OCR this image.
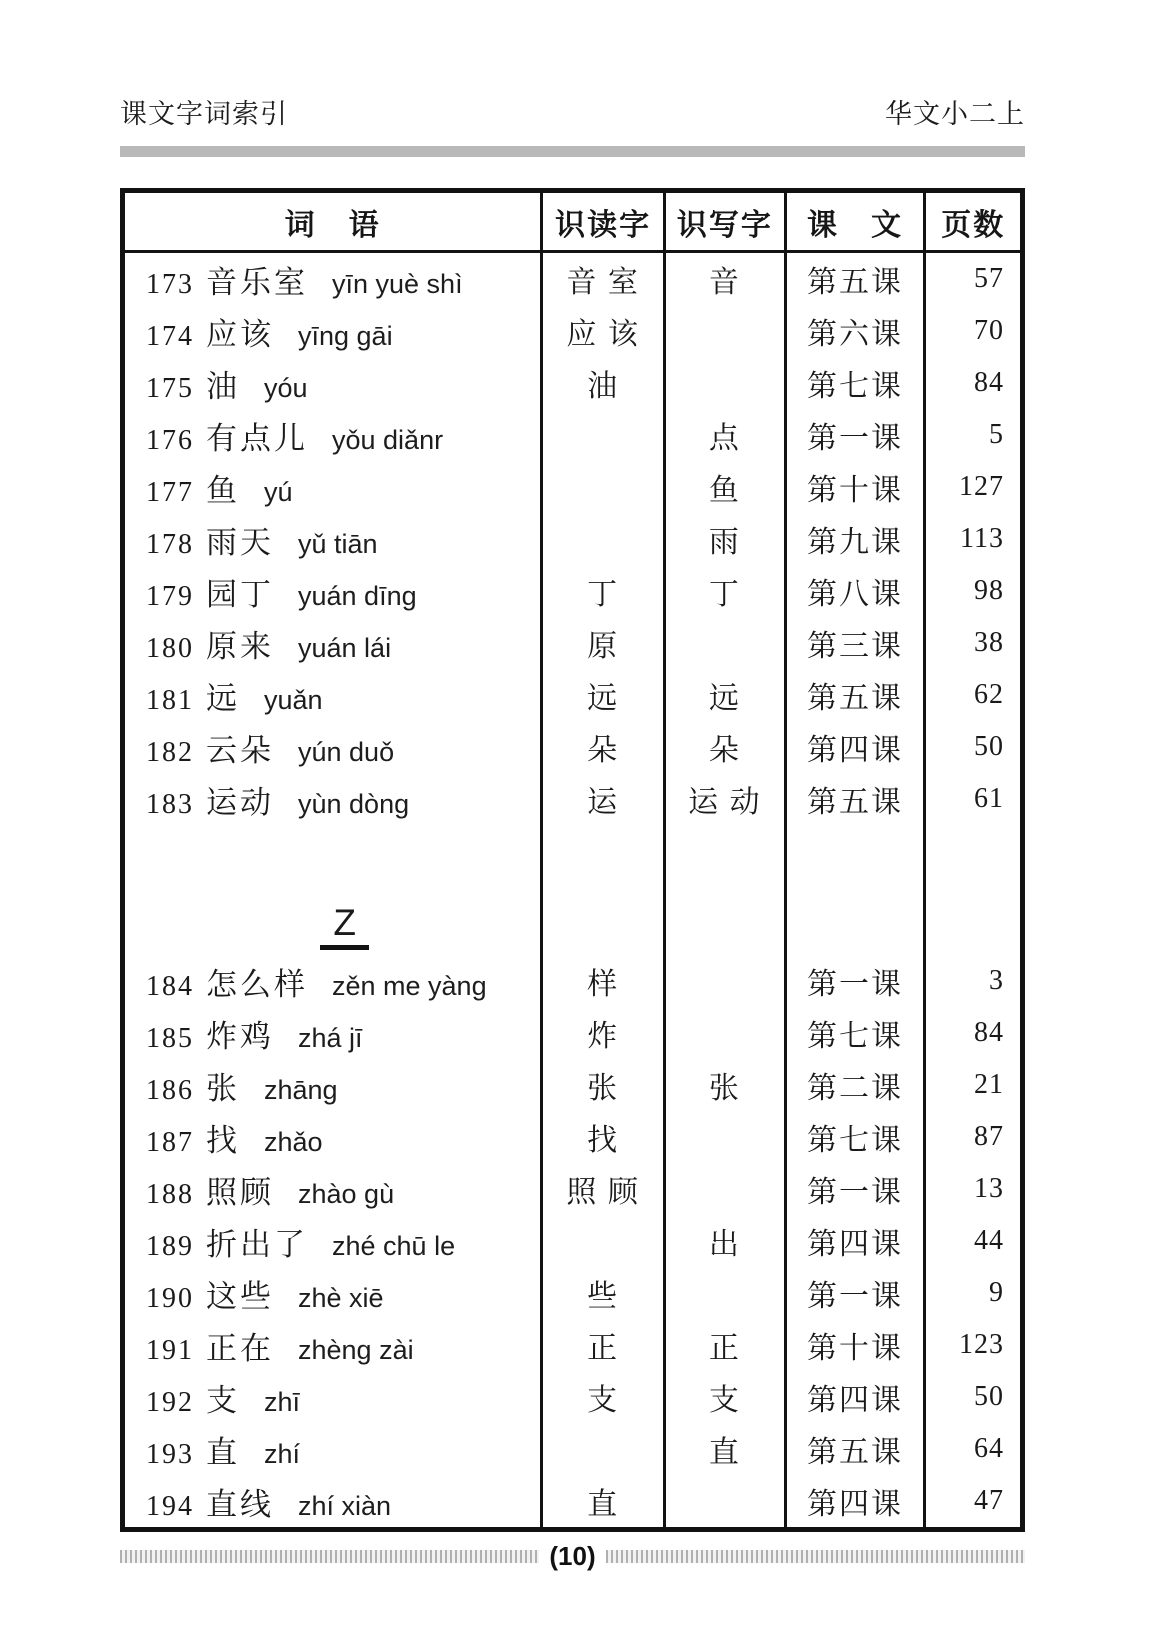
课文字词索引	华文小二上
词　语	识读字	识写字	课　文	页数

173 音乐室 yīn yuè shì	音 室	音	第五课	57

174 应该 yīng gāi	应 该		第六课	70

175 油 yóu	油		第七课	84

176 有点儿 yǒu diǎnr		点	第一课	5

177 鱼 yú		鱼	第十课	127

178 雨天 yǔ tiān		雨	第九课	113

179 园丁 yuán dīng	丁	丁	第八课	98

180 原来 yuán lái	原		第三课	38

181 远 yuǎn	远	远	第五课	62

182 云朵 yún duǒ	朵	朵	第四课	50

183 运动 yùn dòng	运	运 动	第五课	61

Z				

184 怎么样 zěn me yàng	样		第一课	3

185 炸鸡 zhá jī	炸		第七课	84

186 张 zhāng	张	张	第二课	21

187 找 zhǎo	找		第七课	87

188 照顾 zhào gù	照 顾		第一课	13

189 折出了 zhé chū le		出	第四课	44

190 这些 zhè xiē	些		第一课	9

191 正在 zhèng zài	正	正	第十课	123

192 支 zhī	支	支	第四课	50

193 直 zhí		直	第五课	64

194 直线 zhí xiàn	直		第四课	47
(10)
